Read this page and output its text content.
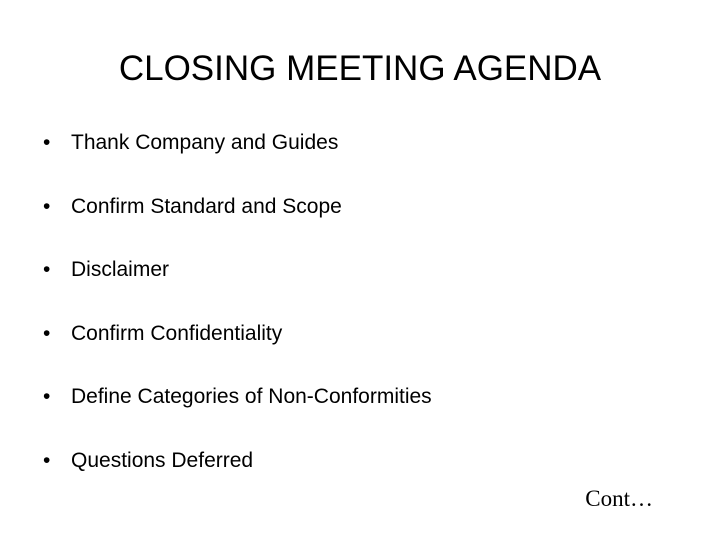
CLOSING MEETING AGENDA
• Thank Company and Guides
• Confirm Standard and Scope
• Disclaimer
• Confirm Confidentiality
• Define Categories of Non-Conformities
• Questions Deferred
Cont…
